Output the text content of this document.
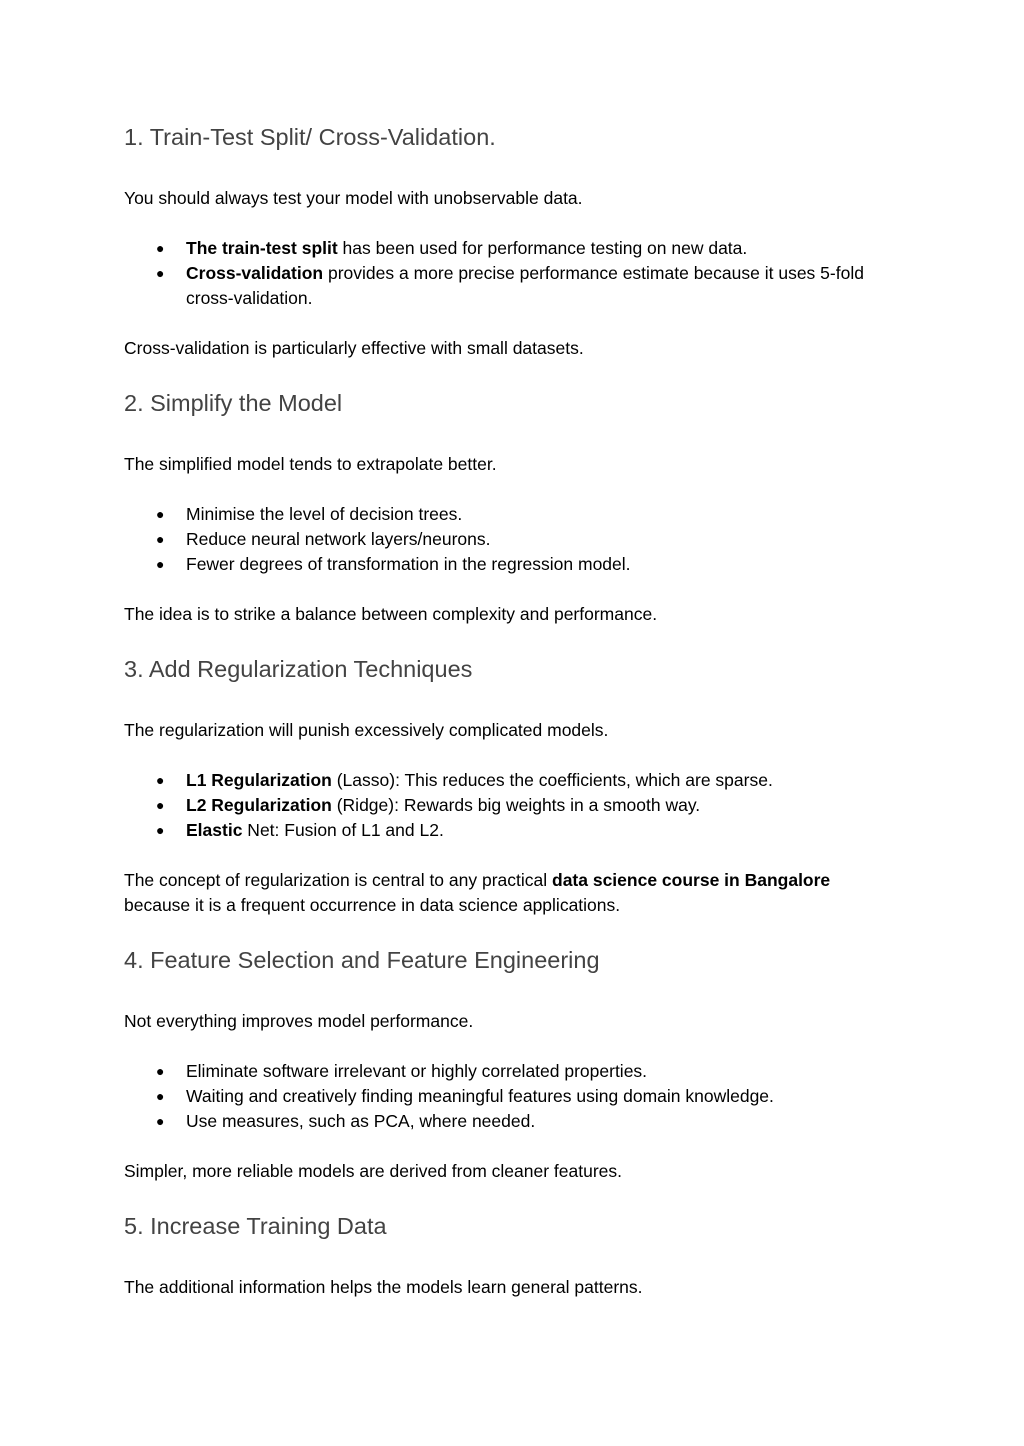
1. Train-Test Split/ Cross-Validation.

You should always test your model with unobservable data.

● The train-test split has been used for performance testing on new data.
● Cross-validation provides a more precise performance estimate because it uses 5-fold cross-validation.

Cross-validation is particularly effective with small datasets.

2. Simplify the Model

The simplified model tends to extrapolate better.

● Minimise the level of decision trees.
● Reduce neural network layers/neurons.
● Fewer degrees of transformation in the regression model.

The idea is to strike a balance between complexity and performance.

3. Add Regularization Techniques

The regularization will punish excessively complicated models.

● L1 Regularization (Lasso): This reduces the coefficients, which are sparse.
● L2 Regularization (Ridge): Rewards big weights in a smooth way.
● Elastic Net: Fusion of L1 and L2.

The concept of regularization is central to any practical data science course in Bangalore

because it is a frequent occurrence in data science applications.

4. Feature Selection and Feature Engineering

Not everything improves model performance.

● Eliminate software irrelevant or highly correlated properties.
● Waiting and creatively finding meaningful features using domain knowledge.
● Use measures, such as PCA, where needed.

Simpler, more reliable models are derived from cleaner features.

5. Increase Training Data

The additional information helps the models learn general patterns.
